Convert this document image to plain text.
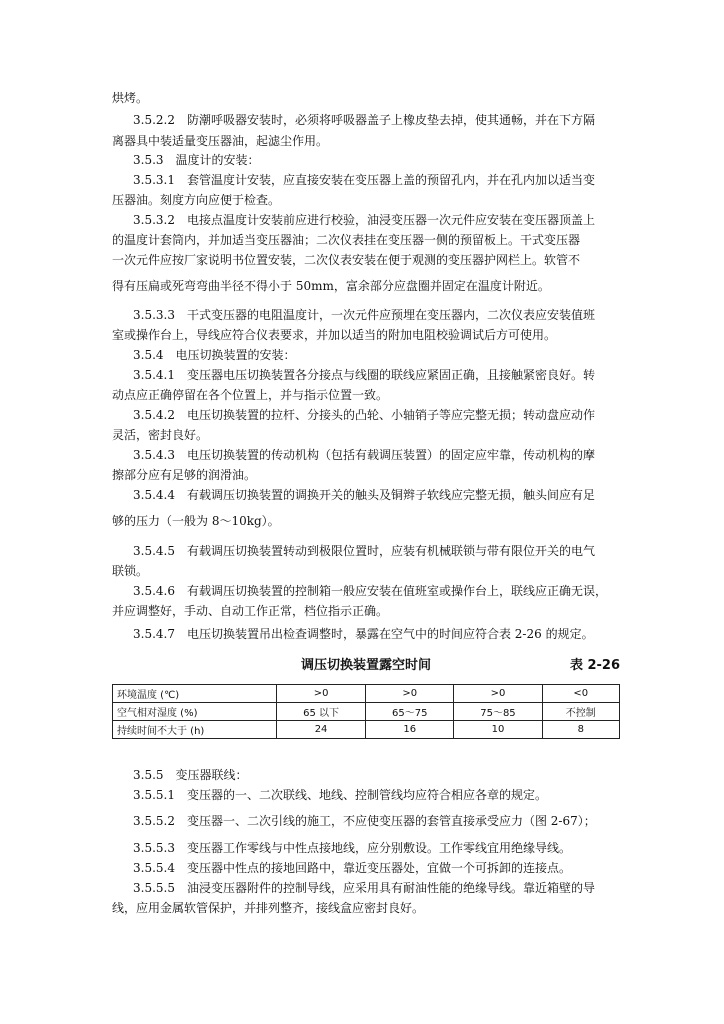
烘烤。

3.5.2.2　防潮呼吸器安装时，必须将呼吸器盖子上橡皮垫去掉，使其通畅，并在下方隔

离器具中装适量变压器油，起滤尘作用。

3.5.3　温度计的安装：

3.5.3.1　套管温度计安装，应直接安装在变压器上盖的预留孔内，并在孔内加以适当变

压器油。刻度方向应便于检查。

3.5.3.2　电接点温度计安装前应进行校验，油浸变压器一次元件应安装在变压器顶盖上

的温度计套筒内，并加适当变压器油；二次仪表挂在变压器一侧的预留板上。干式变压器

一次元件应按厂家说明书位置安装，二次仪表安装在便于观测的变压器护网栏上。软管不

得有压扁或死弯弯曲半径不得小于 50mm，富余部分应盘圈并固定在温度计附近。

3.5.3.3　干式变压器的电阻温度计，一次元件应预埋在变压器内，二次仪表应安装值班

室或操作台上，导线应符合仪表要求，并加以适当的附加电阻校验调试后方可使用。

3.5.4　电压切换装置的安装：

3.5.4.1　变压器电压切换装置各分接点与线圈的联线应紧固正确，且接触紧密良好。转

动点应正确停留在各个位置上，并与指示位置一致。

3.5.4.2　电压切换装置的拉杆、分接头的凸轮、小轴销子等应完整无损；转动盘应动作

灵活，密封良好。

3.5.4.3　电压切换装置的传动机构（包括有载调压装置）的固定应牢靠，传动机构的摩

擦部分应有足够的润滑油。

3.5.4.4　有载调压切换装置的调换开关的触头及铜辫子软线应完整无损，触头间应有足

够的压力（一般为 8～10kg）。

3.5.4.5　有载调压切换装置转动到极限位置时，应装有机械联锁与带有限位开关的电气

联锁。

3.5.4.6　有载调压切换装置的控制箱一般应安装在值班室或操作台上，联线应正确无误，

并应调整好，手动、自动工作正常，档位指示正确。

3.5.4.7　电压切换装置吊出检查调整时，暴露在空气中的时间应符合表 2-26 的规定。

调压切换装置露空时间	表 2-26
环境温度 (℃)	>0	>0	>0	<0
空气相对湿度 (%)	65 以下	65～75	75～85	不控制
持续时间不大于 (h)	24	16	10	8

3.5.5　变压器联线：

3.5.5.1　变压器的一、二次联线、地线、控制管线均应符合相应各章的规定。

3.5.5.2　变压器一、二次引线的施工，不应使变压器的套管直接承受应力（图 2-67）；

3.5.5.3　变压器工作零线与中性点接地线，应分别敷设。工作零线宜用绝缘导线。

3.5.5.4　变压器中性点的接地回路中，靠近变压器处，宜做一个可拆卸的连接点。

3.5.5.5　油浸变压器附件的控制导线，应采用具有耐油性能的绝缘导线。靠近箱壁的导

线，应用金属软管保护，并排列整齐，接线盒应密封良好。
